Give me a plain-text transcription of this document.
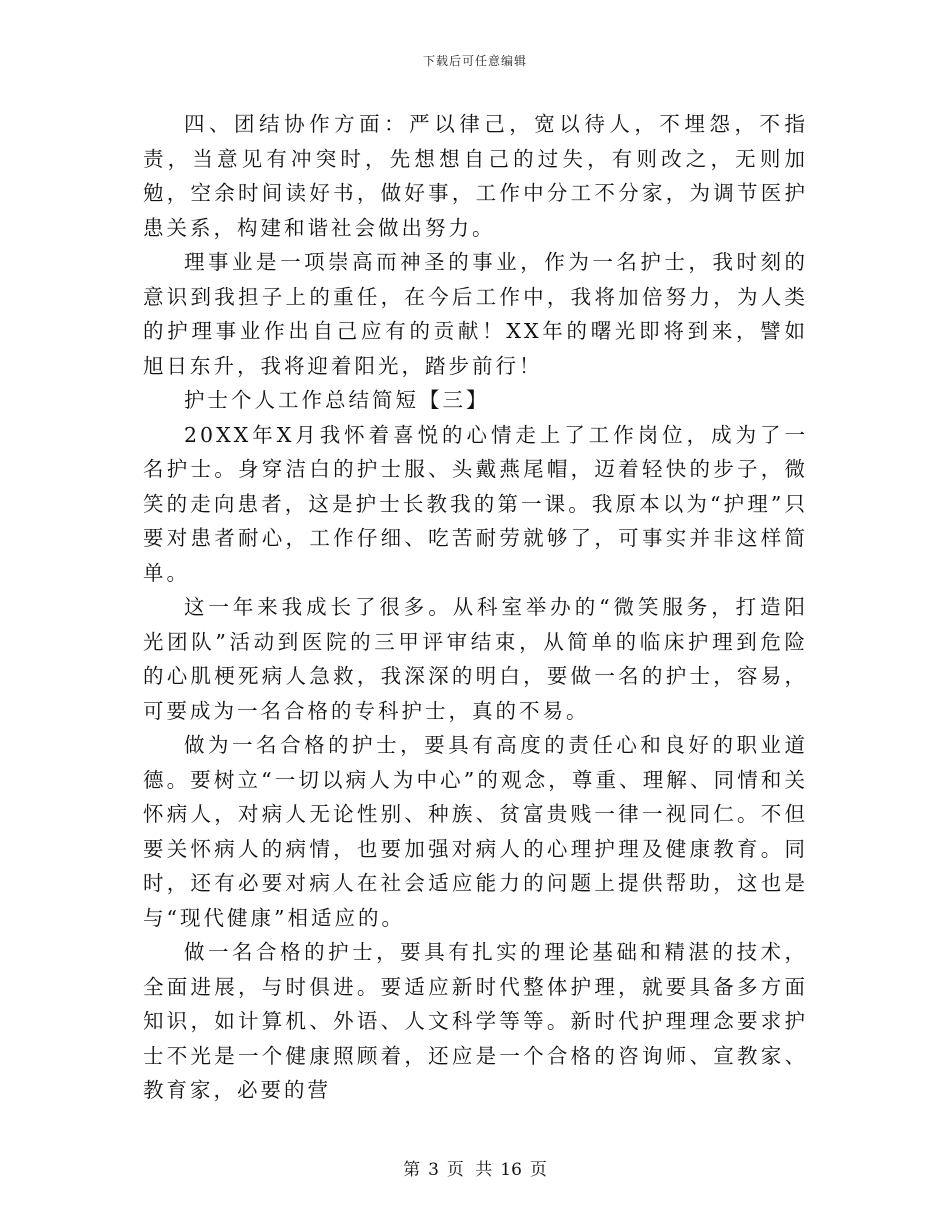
下载后可任意编辑

四、团结协作方面：严以律己，宽以待人，不埋怨，不指责，当意见有冲突时，先想想自己的过失，有则改之，无则加勉，空余时间读好书，做好事，工作中分工不分家，为调节医护患关系，构建和谐社会做出努力。

理事业是一项崇高而神圣的事业，作为一名护士，我时刻的意识到我担子上的重任，在今后工作中，我将加倍努力，为人类的护理事业作出自己应有的贡献！XX年的曙光即将到来，譬如旭日东升，我将迎着阳光，踏步前行！

护士个人工作总结简短【三】

20XX年X月我怀着喜悦的心情走上了工作岗位，成为了一名护士。身穿洁白的护士服、头戴燕尾帽，迈着轻快的步子，微笑的走向患者，这是护士长教我的第一课。我原本以为“护理”只要对患者耐心，工作仔细、吃苦耐劳就够了，可事实并非这样简单。

这一年来我成长了很多。从科室举办的“微笑服务，打造阳光团队”活动到医院的三甲评审结束，从简单的临床护理到危险的心肌梗死病人急救，我深深的明白，要做一名的护士，容易，可要成为一名合格的专科护士，真的不易。

做为一名合格的护士，要具有高度的责任心和良好的职业道德。要树立“一切以病人为中心”的观念，尊重、理解、同情和关怀病人，对病人无论性别、种族、贫富贵贱一律一视同仁。不但要关怀病人的病情，也要加强对病人的心理护理及健康教育。同时，还有必要对病人在社会适应能力的问题上提供帮助，这也是与“现代健康”相适应的。

做一名合格的护士，要具有扎实的理论基础和精湛的技术，全面进展，与时俱进。要适应新时代整体护理，就要具备多方面知识，如计算机、外语、人文科学等等。新时代护理理念要求护士不光是一个健康照顾着，还应是一个合格的咨询师、宣教家、教育家，必要的营

第 3 页 共 16 页
